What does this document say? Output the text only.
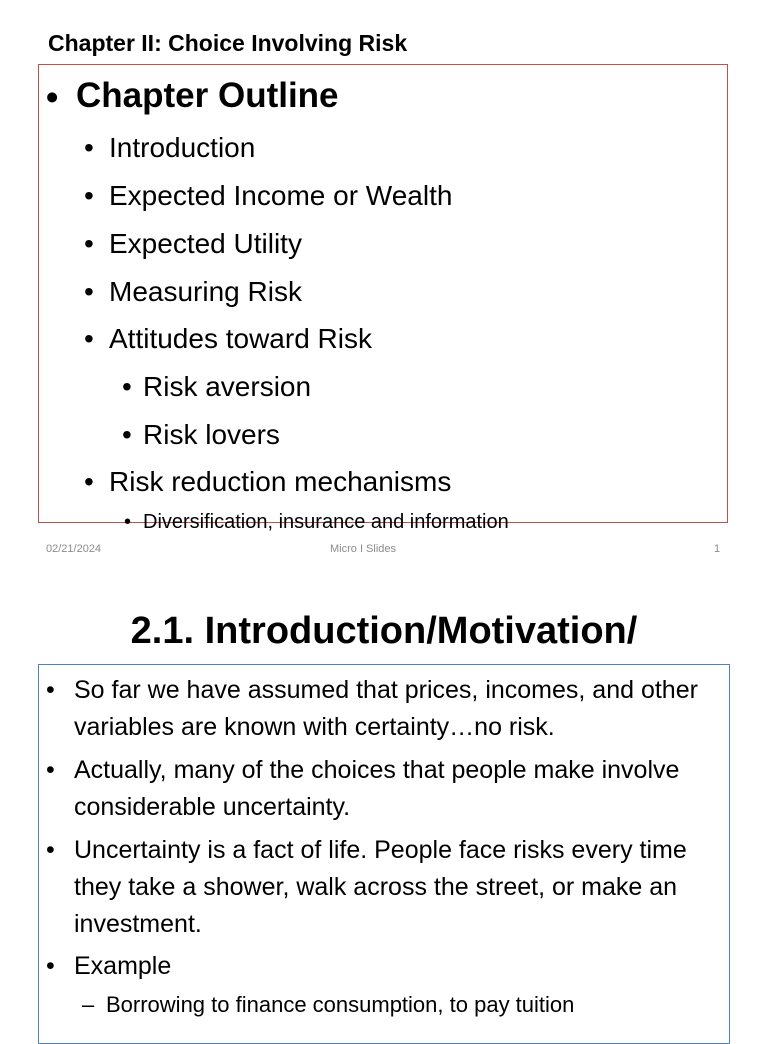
Chapter II: Choice Involving Risk
• Chapter Outline
• Introduction
• Expected Income or Wealth
• Expected Utility
• Measuring Risk
• Attitudes toward Risk
• Risk aversion
• Risk lovers
• Risk reduction mechanisms
• Diversification, insurance and information
02/21/2024	Micro I Slides	1
2.1. Introduction/Motivation/
• So far we have assumed that prices, incomes, and other variables are known with certainty…no risk.
• Actually, many of the choices that people make involve considerable uncertainty.
• Uncertainty is a fact of life. People face risks every time they take a shower, walk across the street, or make an investment.
• Example
– Borrowing to finance consumption, to pay tuition
